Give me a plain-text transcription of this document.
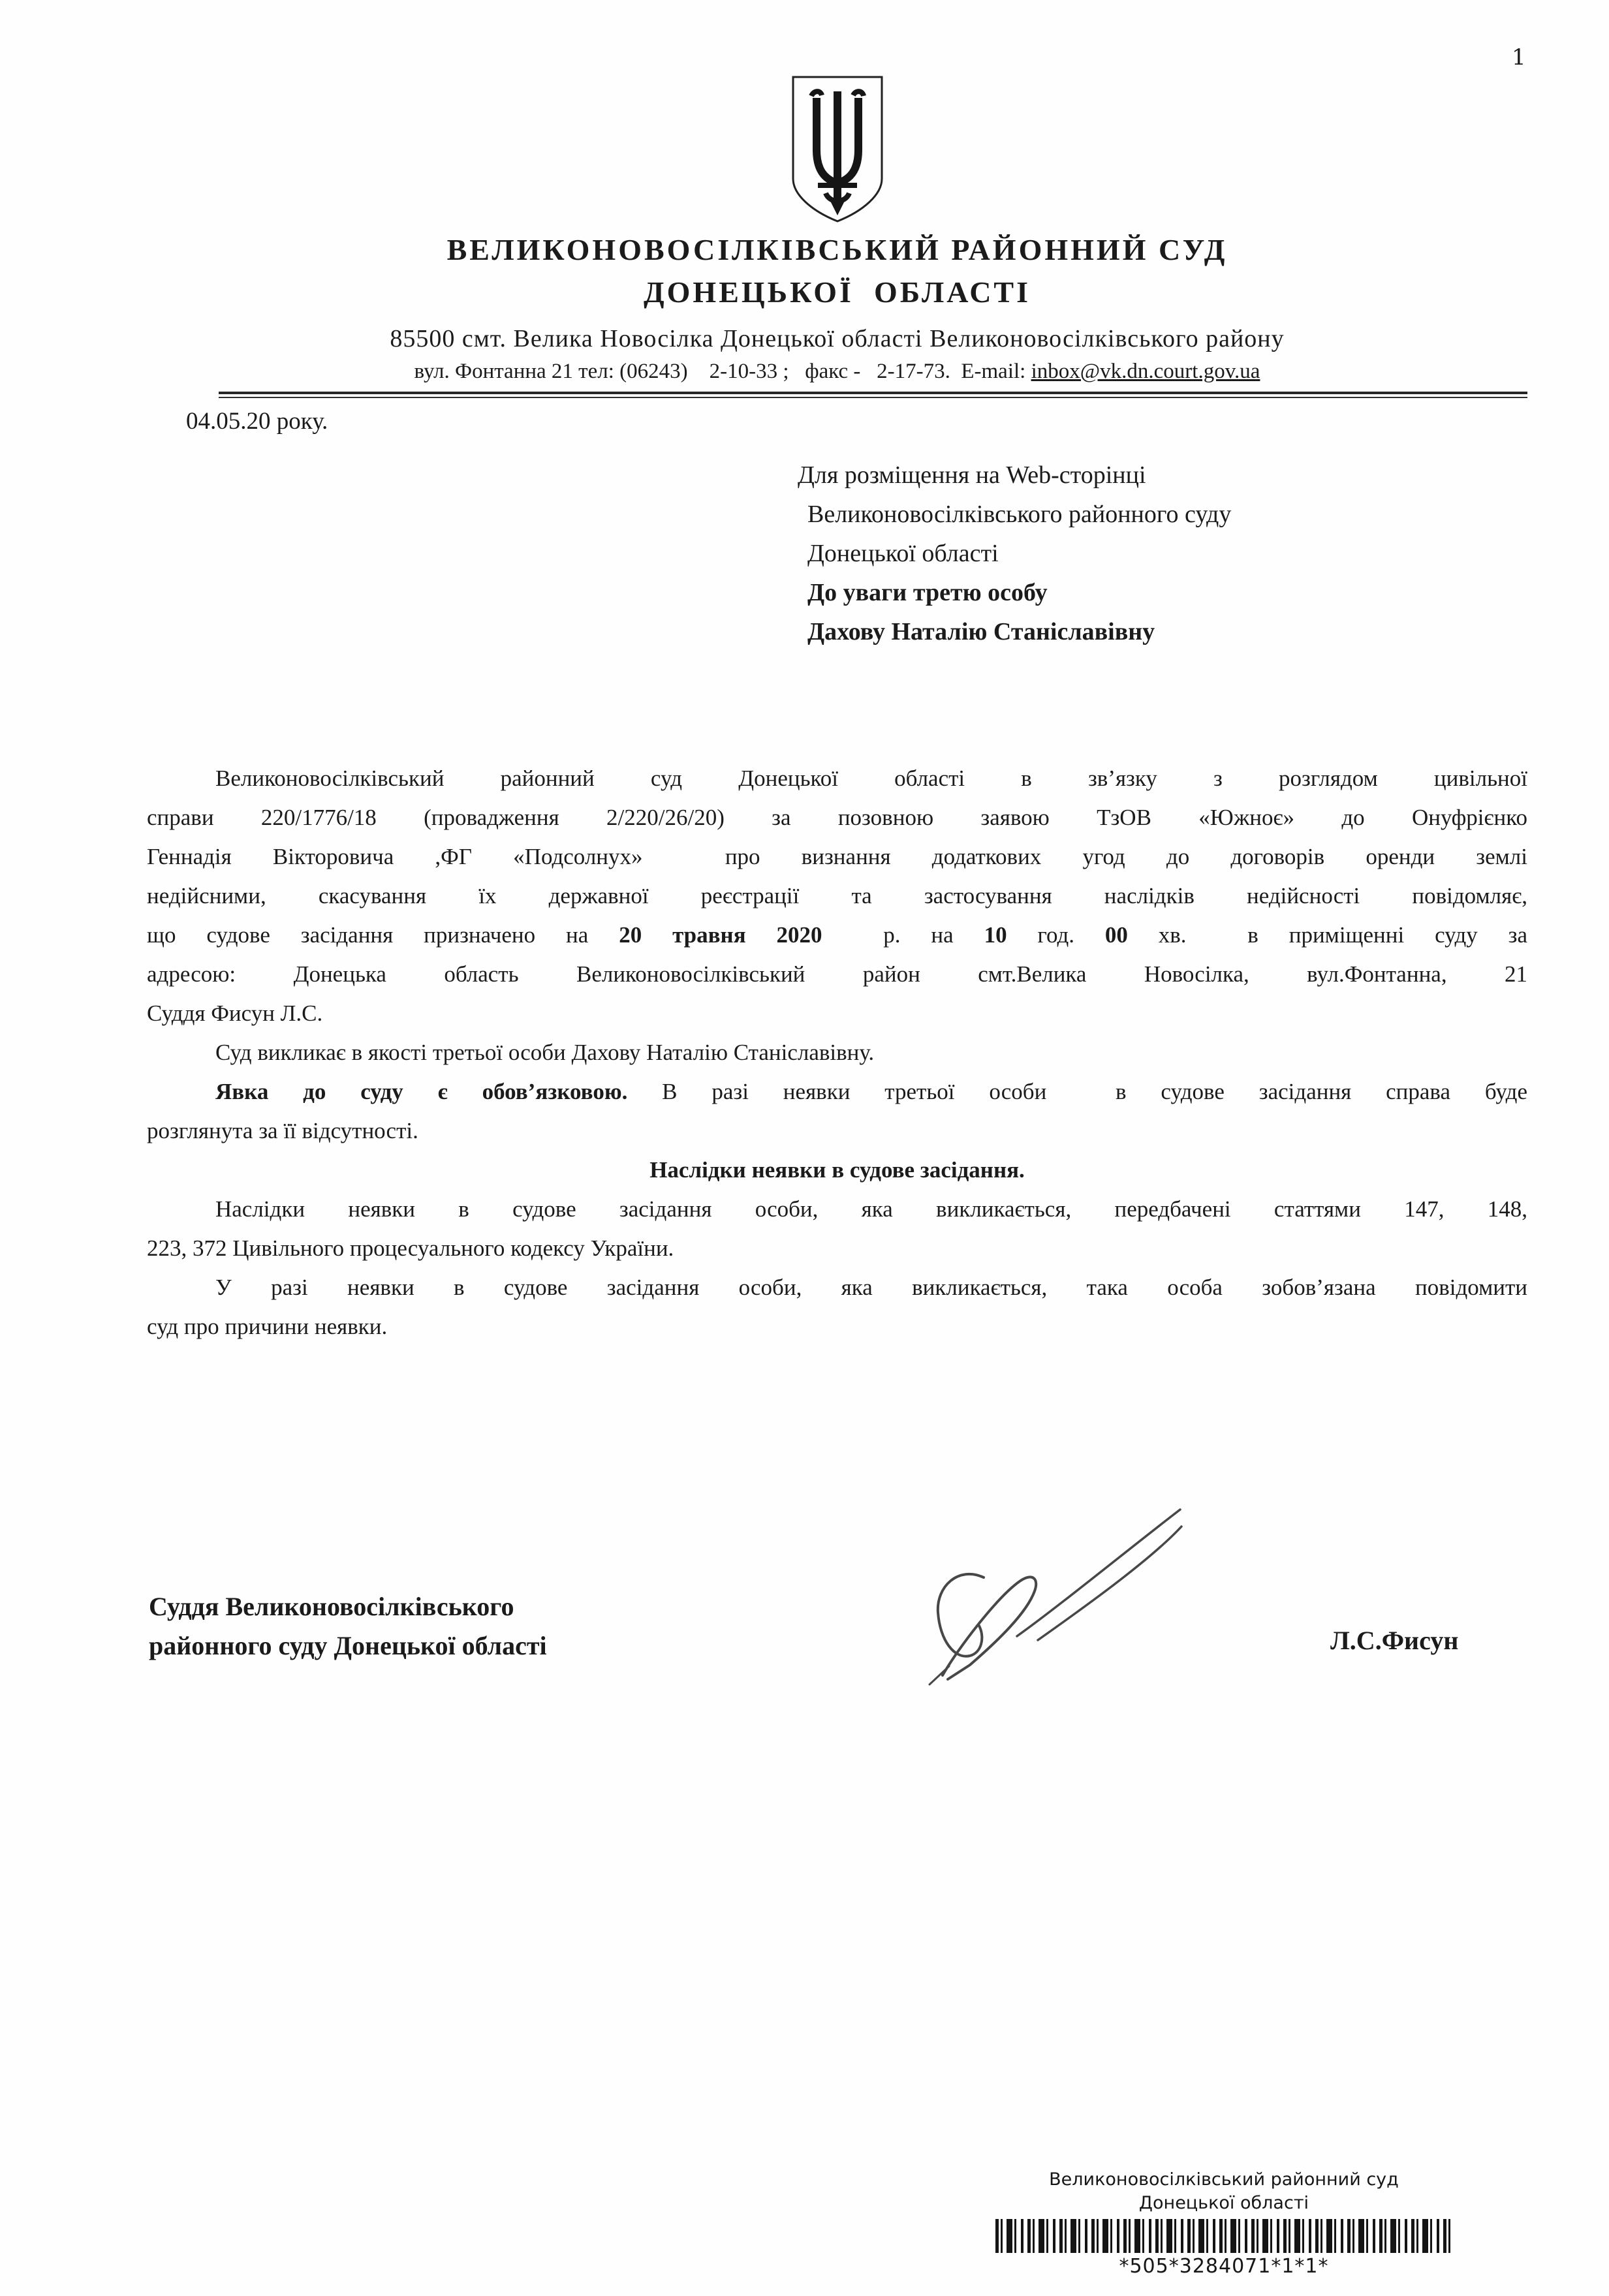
1
ВЕЛИКОНОВОСІЛКІВСЬКИЙ РАЙОННИЙ СУД
ДОНЕЦЬКОЇ  ОБЛАСТІ
85500 смт. Велика Новосілка Донецької області Великоновосілківського району
вул. Фонтанна 21 тел: (06243)    2-10-33 ;   факс -   2-17-73.  E-mail: inbox@vk.dn.court.gov.ua
04.05.20 року.
Для розміщення на Web-сторінці
Великоновосілківського районного суду
Донецької області
До уваги третю особу
Дахову Наталію Станіславівну
Великоновосілківський районний суд Донецької області в зв’язку з розглядом цивільної
справи 220/1776/18 (провадження 2/220/26/20) за позовною заявою ТзОВ «Южноє» до Онуфрієнко
Геннадія Вікторовича ,ФГ «Подсолнух»  про визнання додаткових угод до договорів оренди землі
недійсними, скасування їх державної реєстрації та застосування наслідків недійсності повідомляє,
що судове засідання призначено на 20 травня 2020  р. на 10 год. 00 хв.  в приміщенні суду за
адресою: Донецька область Великоновосілківський район смт.Велика Новосілка, вул.Фонтанна, 21
Суддя Фисун Л.С.
Суд викликає в якості третьої особи Дахову Наталію Станіславівну.
Явка до суду є обов’язковою. В разі неявки третьої особи  в судове засідання справа буде
розглянута за її відсутності.
Наслідки неявки в судове засідання.
Наслідки неявки в судове засідання особи, яка викликається, передбачені статтями 147, 148,
223, 372 Цивільного процесуального кодексу України.
У разі неявки в судове засідання особи, яка викликається, така особа зобов’язана повідомити
суд про причини неявки.
Суддя Великоновосілківського
районного суду Донецької області	Л.С.Фисун
Великоновосілківський районний суд
Донецької області
*505*3284071*1*1*
